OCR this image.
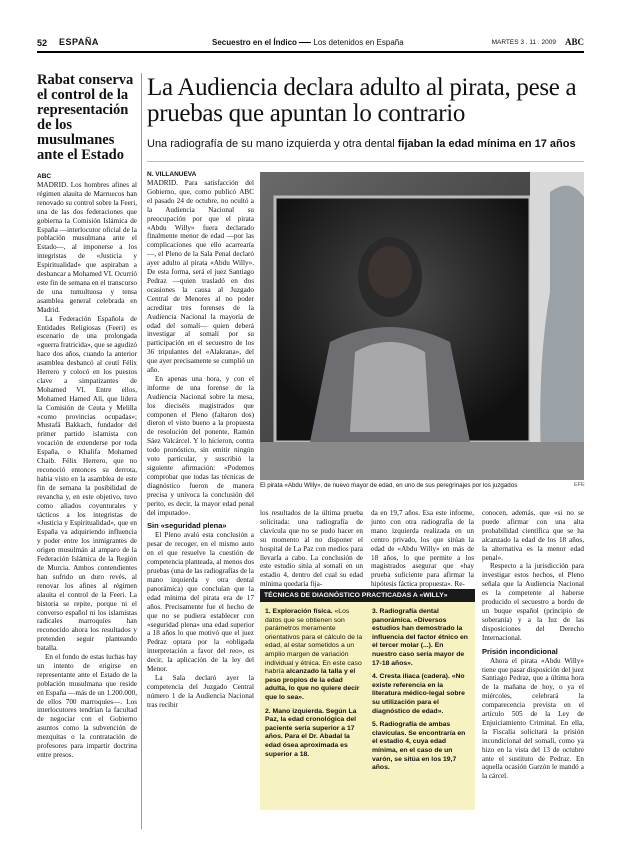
52 ESPAÑA	Secuestro en el Índico Los detenidos en España	MARTES 3 . 11 . 2009 ABC
Rabat conserva el control de la representación de los musulmanes ante el Estado
ABC

MADRID. Los hombres afines al régimen alauita de Marruecos han renovado su control sobre la Feeri, una de las dos federaciones que gobierna la Comisión Islámica de España —interlocutor oficial de la población musulmana ante el Estado—, al imponerse a los integristas de «Justicia y Espiritualidad» que aspiraban a desbancar a Mohamed VI. Ocurrió este fin de semana en el transcurso de una tumultuosa y tensa asamblea general celebrada en Madrid.

La Federación Española de Entidades Religiosas (Feeri) es escenario de una prolongada «guerra fratricida», que se agudizó hace dos años, cuando la anterior asamblea desbancó al ceutí Félix Herrero y colocó en los puestos clave a simpatizantes de Mohamed VI. Entre ellos, Mohamed Hamed Alí, que lidera la Comisión de Ceuta y Melilla «como provincias ocupadas»; Mustafá Bakkach, fundador del primer partido islamista con vocación de extenderse por toda España, o Khalifa Mohamed Chaib. Félix Herrero, que no reconoció entonces su derrota, había visto en la asamblea de este fin de semana la posibilidad de revancha y, en este objetivo, tuvo como aliados coyunturales y tácticos a los integristas de «Justicia y Espiritualidad», que en España va adquiriendo influencia y poder entre los inmigrantes de origen musulmán al amparo de la Federación Islámica de la Región de Murcia. Ambos contendientes han sufrido un duro revés, al renovar los afines al régimen alauita el control de la Feeri. La historia se repite, porque ni el converso español ni los islamistas radicales marroquíes han reconocido ahora los resultados y pretenden seguir planteando batalla.

En el fondo de estas luchas hay un intento de erigirse en representante ante el Estado de la población musulmana que reside en España —más de un 1.200.000, de ellos 700 marroquíes—. Los interlocutores tendrían la facultad de negociar con el Gobierno asuntos como la subvención de mezquitas o la contratación de profesores para impartir doctrina entre presos.

La Audiencia declara adulto al pirata, pese a pruebas que apuntan lo contrario
Una radiografía de su mano izquierda y otra dental fijaban la edad mínima en 17 años
N. VILLANUEVA

MADRID. Para satisfacción del Gobierno, que, como publicó ABC el pasado 24 de octubre, no ocultó a la Audiencia Nacional su preocupación por que el pirata «Abdu Willy» fuera declarado finalmente menor de edad —por las complicaciones que ello acarrearía—, el Pleno de la Sala Penal declaró ayer adulto al pirata «Abdu Willy». De esta forma, será el juez Santiago Pedraz —quien trasladó en dos ocasiones la causa al Juzgado Central de Menores al no poder acreditar tres forenses de la Audiencia Nacional la mayoría de edad del somalí— quien deberá investigar al somalí por su participación en el secuestro de los 36 tripulantes del «Alakrana», del que ayer precisamente se cumplió un año.

En apenas una hora, y con el informe de una forense de la Audiencia Nacional sobre la mesa, los dieciséis magistrados que componen el Pleno (faltaron dos) dieron el visto bueno a la propuesta de resolución del ponente, Ramón Sáez Valcárcel. Y lo hicieron, contra todo pronóstico, sin emitir ningún voto particular, y suscribió la siguiente afirmación: «Podemos comprobar que todas las técnicas de diagnóstico fueron de manera precisa y unívoca la conclusión del perito, es decir, la mayor edad penal del imputado».

Sin «seguridad plena»

El Pleno avaló esta conclusión a pesar de recoger, en el mismo auto en el que resuelve la cuestión de competencia planteada, al menos dos pruebas (una de las radiografías de la mano izquierda y otra dental panorámica) que concluían que la edad mínima del pirata era de 17 años. Precisamente fue el hecho de que no se pudiera establecer con «seguridad plena» una edad superior a 18 años lo que motivó que el juez Pedraz optara por la «obligada interpretación a favor del reo», es decir, la aplicación de la ley del Menor.

La Sala declaró ayer la competencia del Juzgado Central número 1 de la Audiencia Nacional tras recibir

El pirata «Abdu Willy», de nuevo mayor de edad, en uno de sus peregrinajes por los juzgados	EFE

los resultados de la última prueba solicitada: una radiografía de clavícula que no se pudo hacer en su momento al no disponer el hospital de La Paz con medios para llevarla a cabo. La conclusión de este estudio sitúa al somalí en un estadio 4, dentro del cual su edad mínima quedaría fija-

da en 19,7 años. Esa este informe, junto con otra radiografía de la mano izquierda realizada en un centro privado, los que sitúan la edad de «Abdu Willy» en más de 18 años, lo que permite a los magistrados asegurar que «hay prueba suficiente para afirmar la hipótesis fáctica propuesta». Re-

conocen, además, que «si no se puede afirmar con una alta probabilidad científica que se ha alcanzado la edad de los 18 años, la alternativa es la menor edad penal».

Respecto a la jurisdicción para investigar estos hechos, el Pleno señala que la Audiencia Nacional es la competente al haberse producido el secuestro a bordo de un buque español (principio de soberanía) y a la luz de las disposiciones del Derecho Internacional.

Prisión incondicional

Ahora el pirata «Abdu Willy» tiene que pasar disposición del juez Santiago Pedraz, que a última hora de la mañana de hoy, o ya el miércoles, celebrará la comparecencia prevista en el artículo 505 de la Ley de Enjuiciamiento Criminal. En ella, la Fiscalía solicitará la prisión incondicional del somalí, como ya hizo en la vista del 13 de octubre ante el sustituto de Pedraz. En aquella ocasión Garzón le mandó a la cárcel.

TÉCNICAS DE DIAGNÓSTICO PRACTICADAS A «WILLY»

1. Exploración física. «Los datos que se obtienen son parámetros meramente orientativos para el cálculo de la edad, al estar sometidos a un amplio margen de variación individual y étnica. En este caso habría alcanzado la talla y el peso propios de la edad adulta, lo que no quiere decir que lo sea».

2. Mano izquierda. Según La Paz, la edad cronológica del paciente sería superior a 17 años. Para el Dr. Abadal la edad ósea aproximada es superior a 18.

3. Radiografía dental panorámica. «Diversos estudios han demostrado la influencia del factor étnico en el tercer molar (...). En nuestro caso sería mayor de 17-18 años».

4. Cresta iliaca (cadera). «No existe referencia en la literatura médico-legal sobre su utilización para el diagnóstico de edad».

5. Radiografía de ambas clavículas. Se encontraría en el estadio 4, cuya edad mínima, en el caso de un varón, se sitúa en los 19,7 años.
